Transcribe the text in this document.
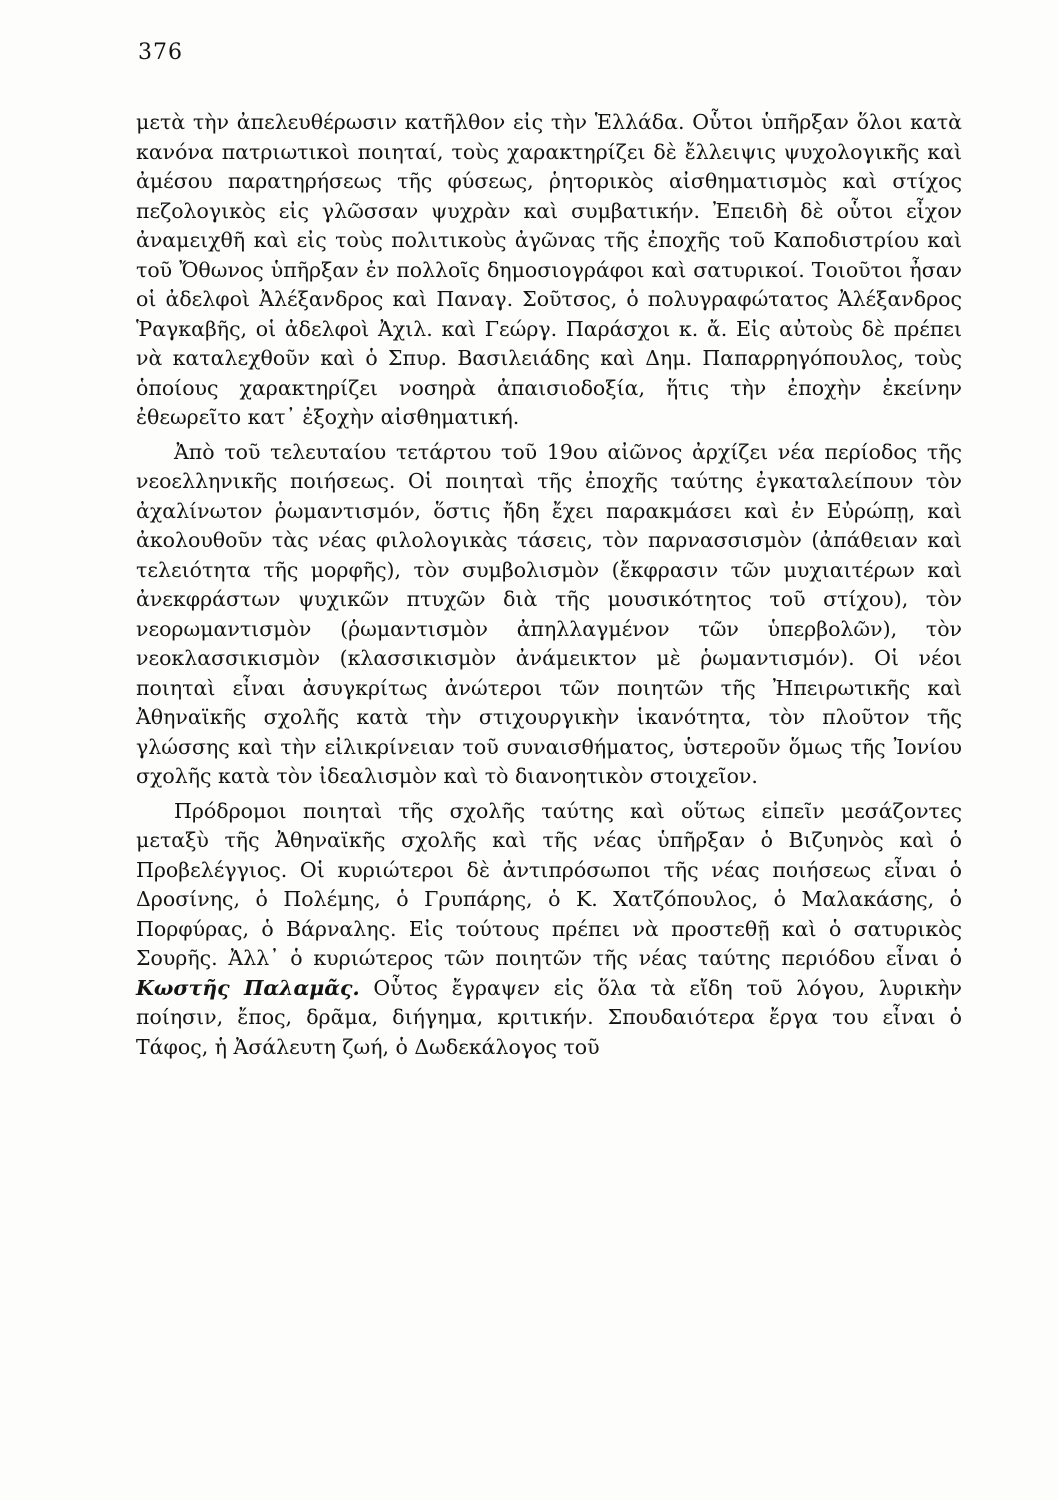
376

μετὰ τὴν ἀπελευθέρωσιν κατῆλθον εἰς τὴν Ἑλλάδα. Οὗτοι ὑπῆρξαν ὅλοι κατὰ κανόνα πατριωτικοὶ ποιηταί, τοὺς χαρακτηρίζει δὲ ἔλλειψις ψυχολογικῆς καὶ ἀμέσου παρατηρήσεως τῆς φύσεως, ῥητορικὸς αἰσθηματισμὸς καὶ στίχος πεζολογικὸς εἰς γλῶσσαν ψυχρὰν καὶ συμβατικήν. Ἐπειδὴ δὲ οὗτοι εἶχον ἀναμειχθῆ καὶ εἰς τοὺς πολιτικοὺς ἀγῶνας τῆς ἐποχῆς τοῦ Καποδιστρίου καὶ τοῦ Ὄθωνος ὑπῆρξαν ἐν πολλοῖς δημοσιογράφοι καὶ σατυρικοί. Τοιοῦτοι ἦσαν οἱ ἀδελφοὶ Ἀλέξανδρος καὶ Παναγ. Σοῦτσος, ὁ πολυγραφώτατος Ἀλέξανδρος Ῥαγκαβῆς, οἱ ἀδελφοὶ Ἀχιλ. καὶ Γεώργ. Παράσχοι κ. ἄ. Εἰς αὐτοὺς δὲ πρέπει νὰ καταλεχθοῦν καὶ ὁ Σπυρ. Βασιλειάδης καὶ Δημ. Παπαρρηγόπουλος, τοὺς ὁποίους χαρακτηρίζει νοσηρὰ ἀπαισιοδοξία, ἥτις τὴν ἐποχὴν ἐκείνην ἐθεωρεῖτο κατ᾽ ἐξοχὴν αἰσθηματική.

Ἀπὸ τοῦ τελευταίου τετάρτου τοῦ 19ου αἰῶνος ἀρχίζει νέα περίοδος τῆς νεοελληνικῆς ποιήσεως. Οἱ ποιηταὶ τῆς ἐποχῆς ταύτης ἐγκαταλείπουν τὸν ἀχαλίνωτον ῥωμαντισμόν, ὅστις ἤδη ἔχει παρακμάσει καὶ ἐν Εὐρώπῃ, καὶ ἀκολουθοῦν τὰς νέας φιλολογικὰς τάσεις, τὸν παρνασσισμὸν (ἀπάθειαν καὶ τελειότητα τῆς μορφῆς), τὸν συμβολισμὸν (ἔκφρασιν τῶν μυχιαιτέρων καὶ ἀνεκφράστων ψυχικῶν πτυχῶν διὰ τῆς μουσικότητος τοῦ στίχου), τὸν νεορωμαντισμὸν (ῥωμαντισμὸν ἀπηλλαγμένον τῶν ὑπερβολῶν), τὸν νεοκλασσικισμὸν (κλασσικισμὸν ἀνάμεικτον μὲ ῥωμαντισμόν). Οἱ νέοι ποιηταὶ εἶναι ἀσυγκρίτως ἀνώτεροι τῶν ποιητῶν τῆς Ἠπειρωτικῆς καὶ Ἀθηναϊκῆς σχολῆς κατὰ τὴν στιχουργικὴν ἱκανότητα, τὸν πλοῦτον τῆς γλώσσης καὶ τὴν εἰλικρίνειαν τοῦ συναισθήματος, ὑστεροῦν ὅμως τῆς Ἰονίου σχολῆς κατὰ τὸν ἰδεαλισμὸν καὶ τὸ διανοητικὸν στοιχεῖον.

Πρόδρομοι ποιηταὶ τῆς σχολῆς ταύτης καὶ οὕτως εἰπεῖν μεσάζοντες μεταξὺ τῆς Ἀθηναϊκῆς σχολῆς καὶ τῆς νέας ὑπῆρξαν ὁ Βιζυηνὸς καὶ ὁ Προβελέγγιος. Οἱ κυριώτεροι δὲ ἀντιπρόσωποι τῆς νέας ποιήσεως εἶναι ὁ Δροσίνης, ὁ Πολέμης, ὁ Γρυπάρης, ὁ Κ. Χατζόπουλος, ὁ Μαλακάσης, ὁ Πορφύρας, ὁ Βάρναλης. Εἰς τούτους πρέπει νὰ προστεθῇ καὶ ὁ σατυρικὸς Σουρῆς. Ἀλλ᾽ ὁ κυριώτερος τῶν ποιητῶν τῆς νέας ταύτης περιόδου εἶναι ὁ Κωστῆς Παλαμᾶς. Οὗτος ἔγραψεν εἰς ὅλα τὰ εἴδη τοῦ λόγου, λυρικὴν ποίησιν, ἔπος, δρᾶμα, διήγημα, κριτικήν. Σπουδαιότερα ἔργα του εἶναι ὁ Τάφος, ἡ Ἀσάλευτη ζωή, ὁ Δωδεκάλογος τοῦ
